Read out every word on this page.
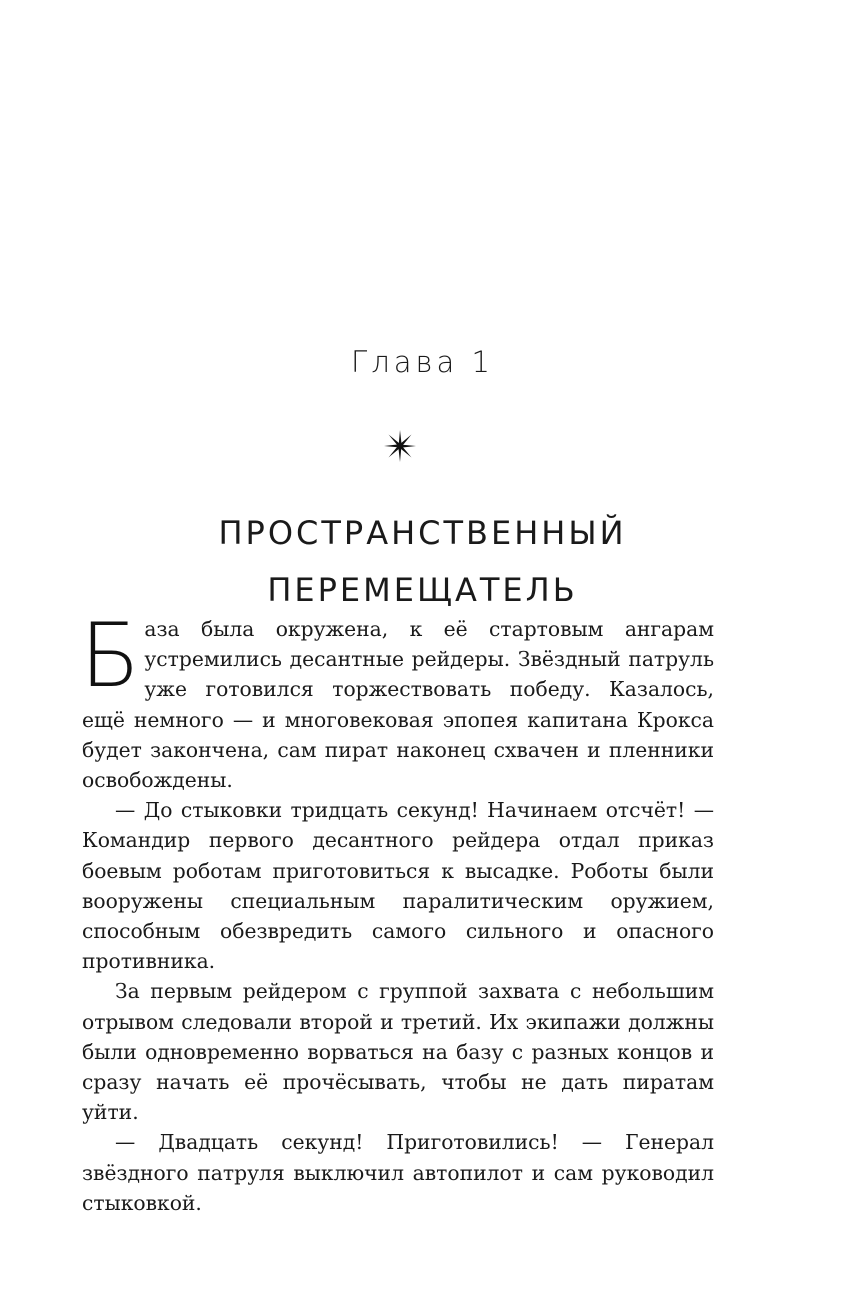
Глава 1
ПРОСТРАНСТВЕННЫЙ
ПЕРЕМЕЩАТЕЛЬ

Б аза была окружена, к её стартовым ангарам устремились десантные рейдеры. Звёздный патруль уже готовился торжествовать победу. Казалось, ещё немного — и многовековая эпопея капитана Крокса будет закончена, сам пират наконец схвачен и пленники освобождены.

— До стыковки тридцать секунд! Начинаем отсчёт! — Командир первого десантного рейдера отдал приказ боевым роботам приготовиться к высадке. Роботы были вооружены специальным паралитическим оружием, способным обезвредить самого сильного и опасного противника.

За первым рейдером с группой захвата с небольшим отрывом следовали второй и третий. Их экипажи должны были одновременно ворваться на базу с разных концов и сразу начать её прочёсывать, чтобы не дать пиратам уйти.

— Двадцать секунд! Приготовились! — Генерал звёздного патруля выключил автопилот и сам руководил стыковкой.
